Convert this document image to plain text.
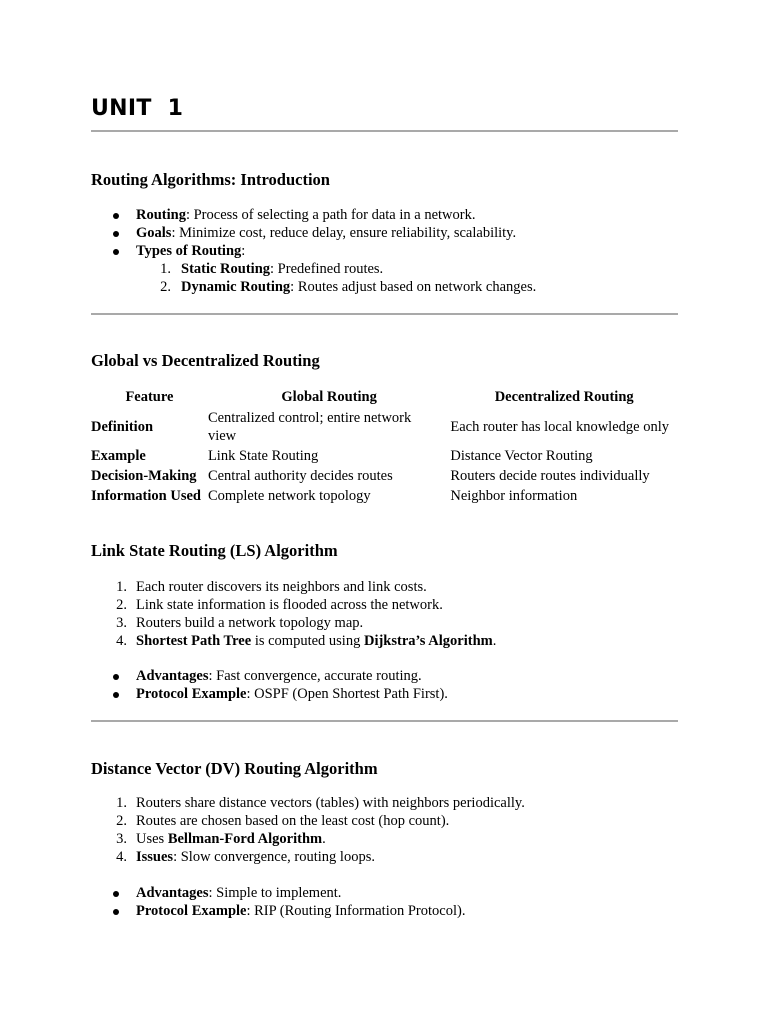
UNIT  1
Routing Algorithms: Introduction
Routing: Process of selecting a path for data in a network.
Goals: Minimize cost, reduce delay, ensure reliability, scalability.
Types of Routing:
1. Static Routing: Predefined routes.
2. Dynamic Routing: Routes adjust based on network changes.
Global vs Decentralized Routing
Feature	Global Routing	Decentralized Routing
Definition	Centralized control; entire network view	Each router has local knowledge only
Example	Link State Routing	Distance Vector Routing
Decision-Making	Central authority decides routes	Routers decide routes individually
Information Used	Complete network topology	Neighbor information
Link State Routing (LS) Algorithm
1. Each router discovers its neighbors and link costs.
2. Link state information is flooded across the network.
3. Routers build a network topology map.
4. Shortest Path Tree is computed using Dijkstra’s Algorithm.
Advantages: Fast convergence, accurate routing.
Protocol Example: OSPF (Open Shortest Path First).
Distance Vector (DV) Routing Algorithm
1. Routers share distance vectors (tables) with neighbors periodically.
2. Routes are chosen based on the least cost (hop count).
3. Uses Bellman-Ford Algorithm.
4. Issues: Slow convergence, routing loops.
Advantages: Simple to implement.
Protocol Example: RIP (Routing Information Protocol).
